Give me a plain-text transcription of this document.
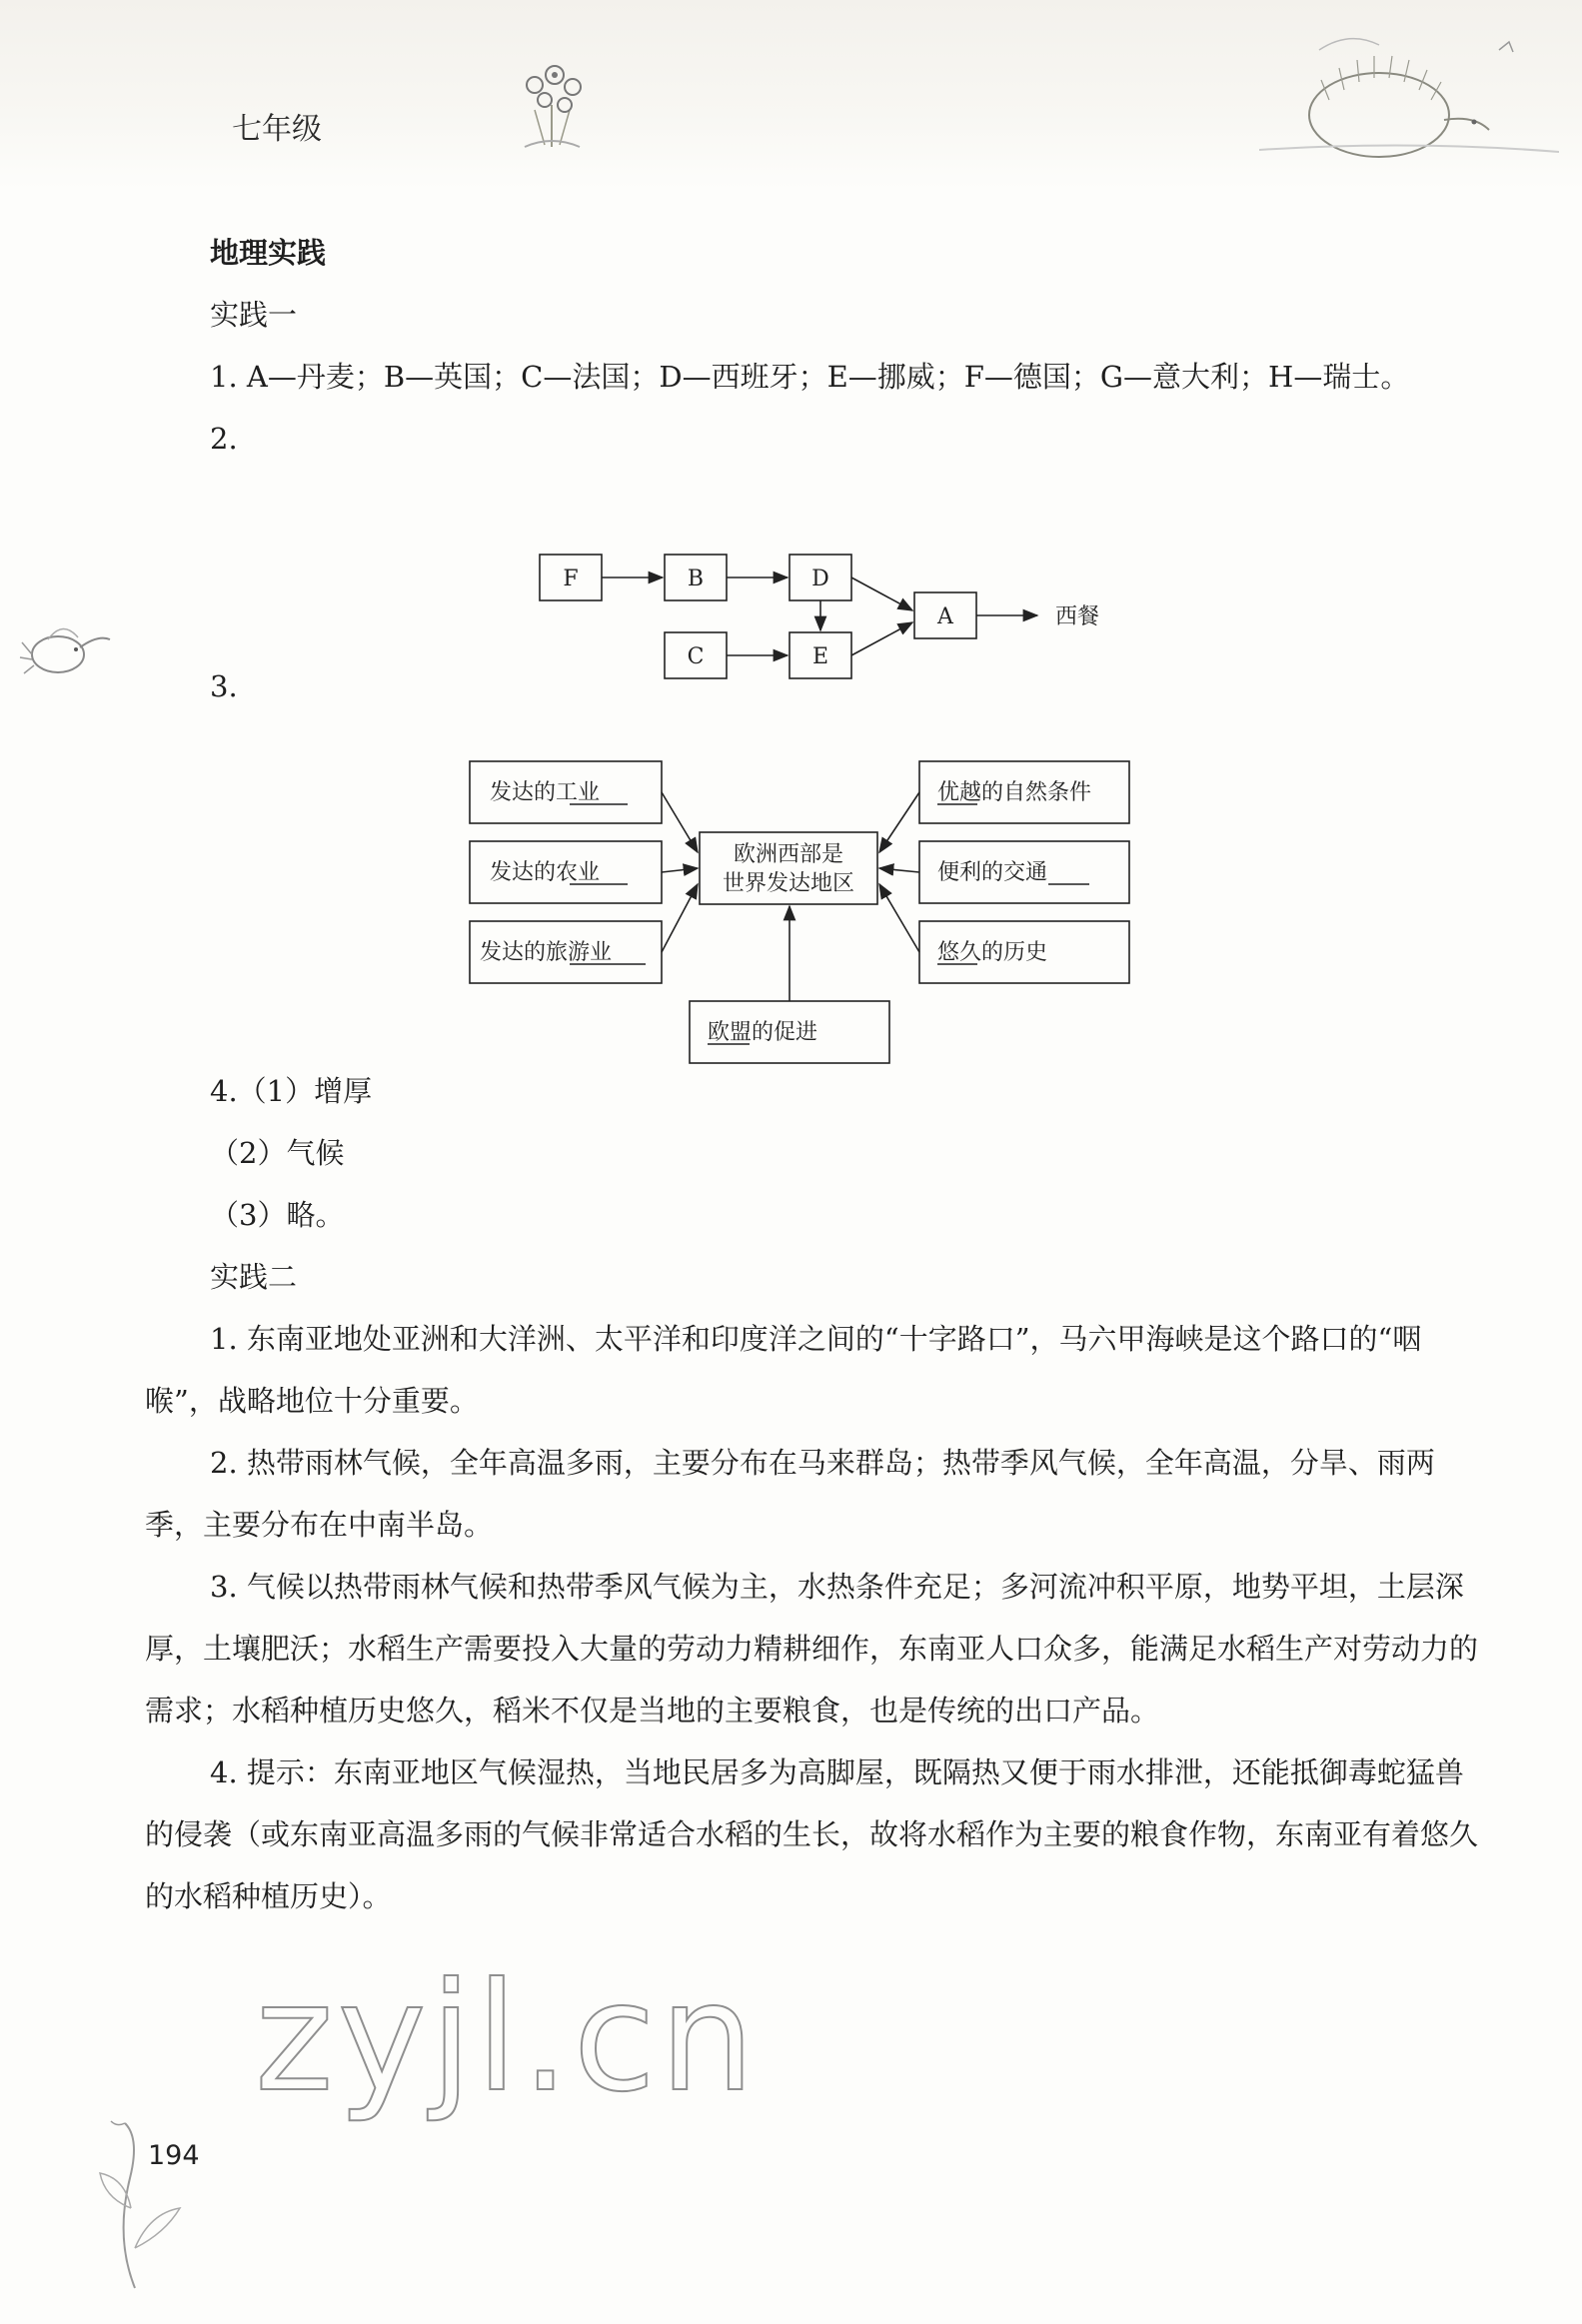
七年级
zyjl.cn
194

地理实践

实践一

1. A—丹麦；B—英国；C—法国；D—西班牙；E—挪威；F—德国；G—意大利；H—瑞士。

2.

3.

4.（1）增厚

（2）气候

（3）略。

实践二

1. 东南亚地处亚洲和大洋洲、太平洋和印度洋之间的“十字路口”，马六甲海峡是这个路口的“咽喉”，战略地位十分重要。

2. 热带雨林气候，全年高温多雨，主要分布在马来群岛；热带季风气候，全年高温，分旱、雨两季，主要分布在中南半岛。

3. 气候以热带雨林气候和热带季风气候为主，水热条件充足；多河流冲积平原，地势平坦，土层深厚，土壤肥沃；水稻生产需要投入大量的劳动力精耕细作，东南亚人口众多，能满足水稻生产对劳动力的需求；水稻种植历史悠久，稻米不仅是当地的主要粮食，也是传统的出口产品。

4. 提示：东南亚地区气候湿热，当地民居多为高脚屋，既隔热又便于雨水排泄，还能抵御毒蛇猛兽的侵袭（或东南亚高温多雨的气候非常适合水稻的生长，故将水稻作为主要的粮食作物，东南亚有着悠久的水稻种植历史）。

F	B	D
C	E
A	西餐
发达的工业
发达的农业
发达的旅游业
优越的自然条件
便利的交通
悠久的历史
欧盟的促进
欧洲西部是
世界发达地区
